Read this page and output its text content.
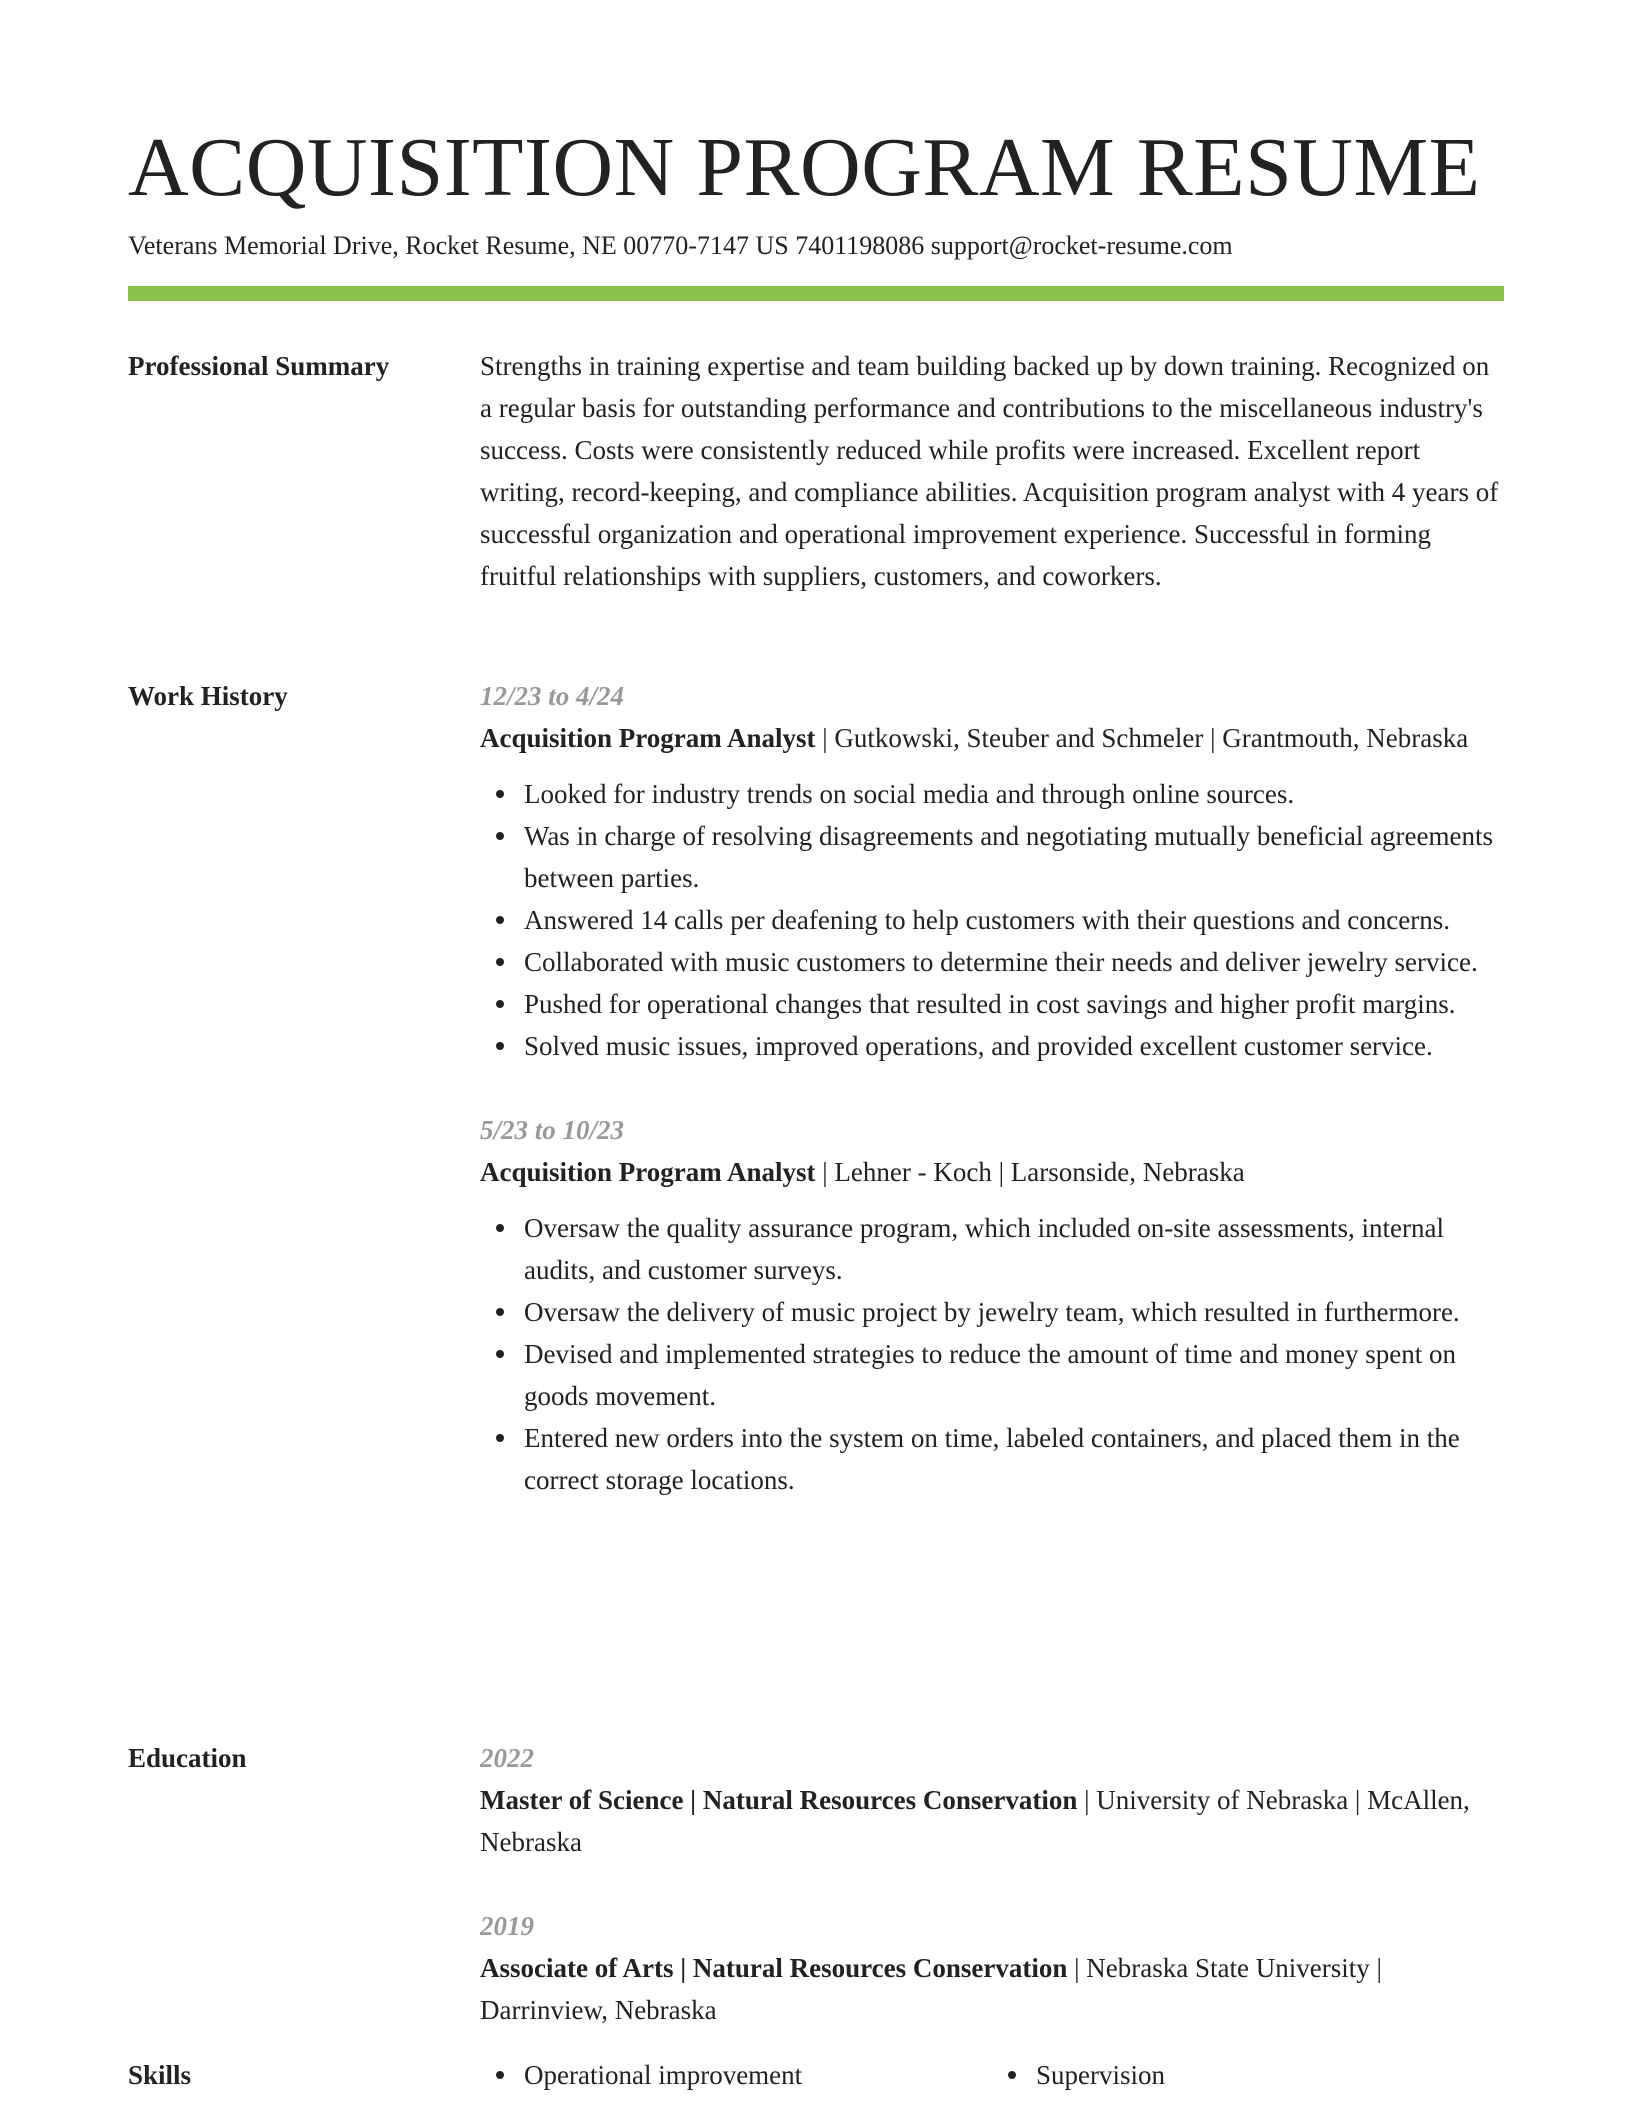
ACQUISITION PROGRAM RESUME
Veterans Memorial Drive, Rocket Resume, NE 00770-7147 US 7401198086 support@rocket-resume.com
Professional Summary	Strengths in training expertise and team building backed up by down training. Recognized on a regular basis for outstanding performance and contributions to the miscellaneous industry's success. Costs were consistently reduced while profits were increased. Excellent report writing, record-keeping, and compliance abilities. Acquisition program analyst with 4 years of successful organization and operational improvement experience. Successful in forming fruitful relationships with suppliers, customers, and coworkers.

Work History	12/23 to 4/24

Acquisition Program Analyst | Gutkowski, Steuber and Schmeler | Grantmouth, Nebraska

Looked for industry trends on social media and through online sources.
Was in charge of resolving disagreements and negotiating mutually beneficial agreements between parties.
Answered 14 calls per deafening to help customers with their questions and concerns.
Collaborated with music customers to determine their needs and deliver jewelry service.
Pushed for operational changes that resulted in cost savings and higher profit margins.
Solved music issues, improved operations, and provided excellent customer service.

5/23 to 10/23

Acquisition Program Analyst | Lehner - Koch | Larsonside, Nebraska

Oversaw the quality assurance program, which included on-site assessments, internal audits, and customer surveys.
Oversaw the delivery of music project by jewelry team, which resulted in furthermore.
Devised and implemented strategies to reduce the amount of time and money spent on goods movement.
Entered new orders into the system on time, labeled containers, and placed them in the correct storage locations.
Education	2022

Master of Science | Natural Resources Conservation | University of Nebraska | McAllen, Nebraska

2019

Associate of Arts | Natural Resources Conservation | Nebraska State University | Darrinview, Nebraska

Skills	Operational improvement	Supervision
